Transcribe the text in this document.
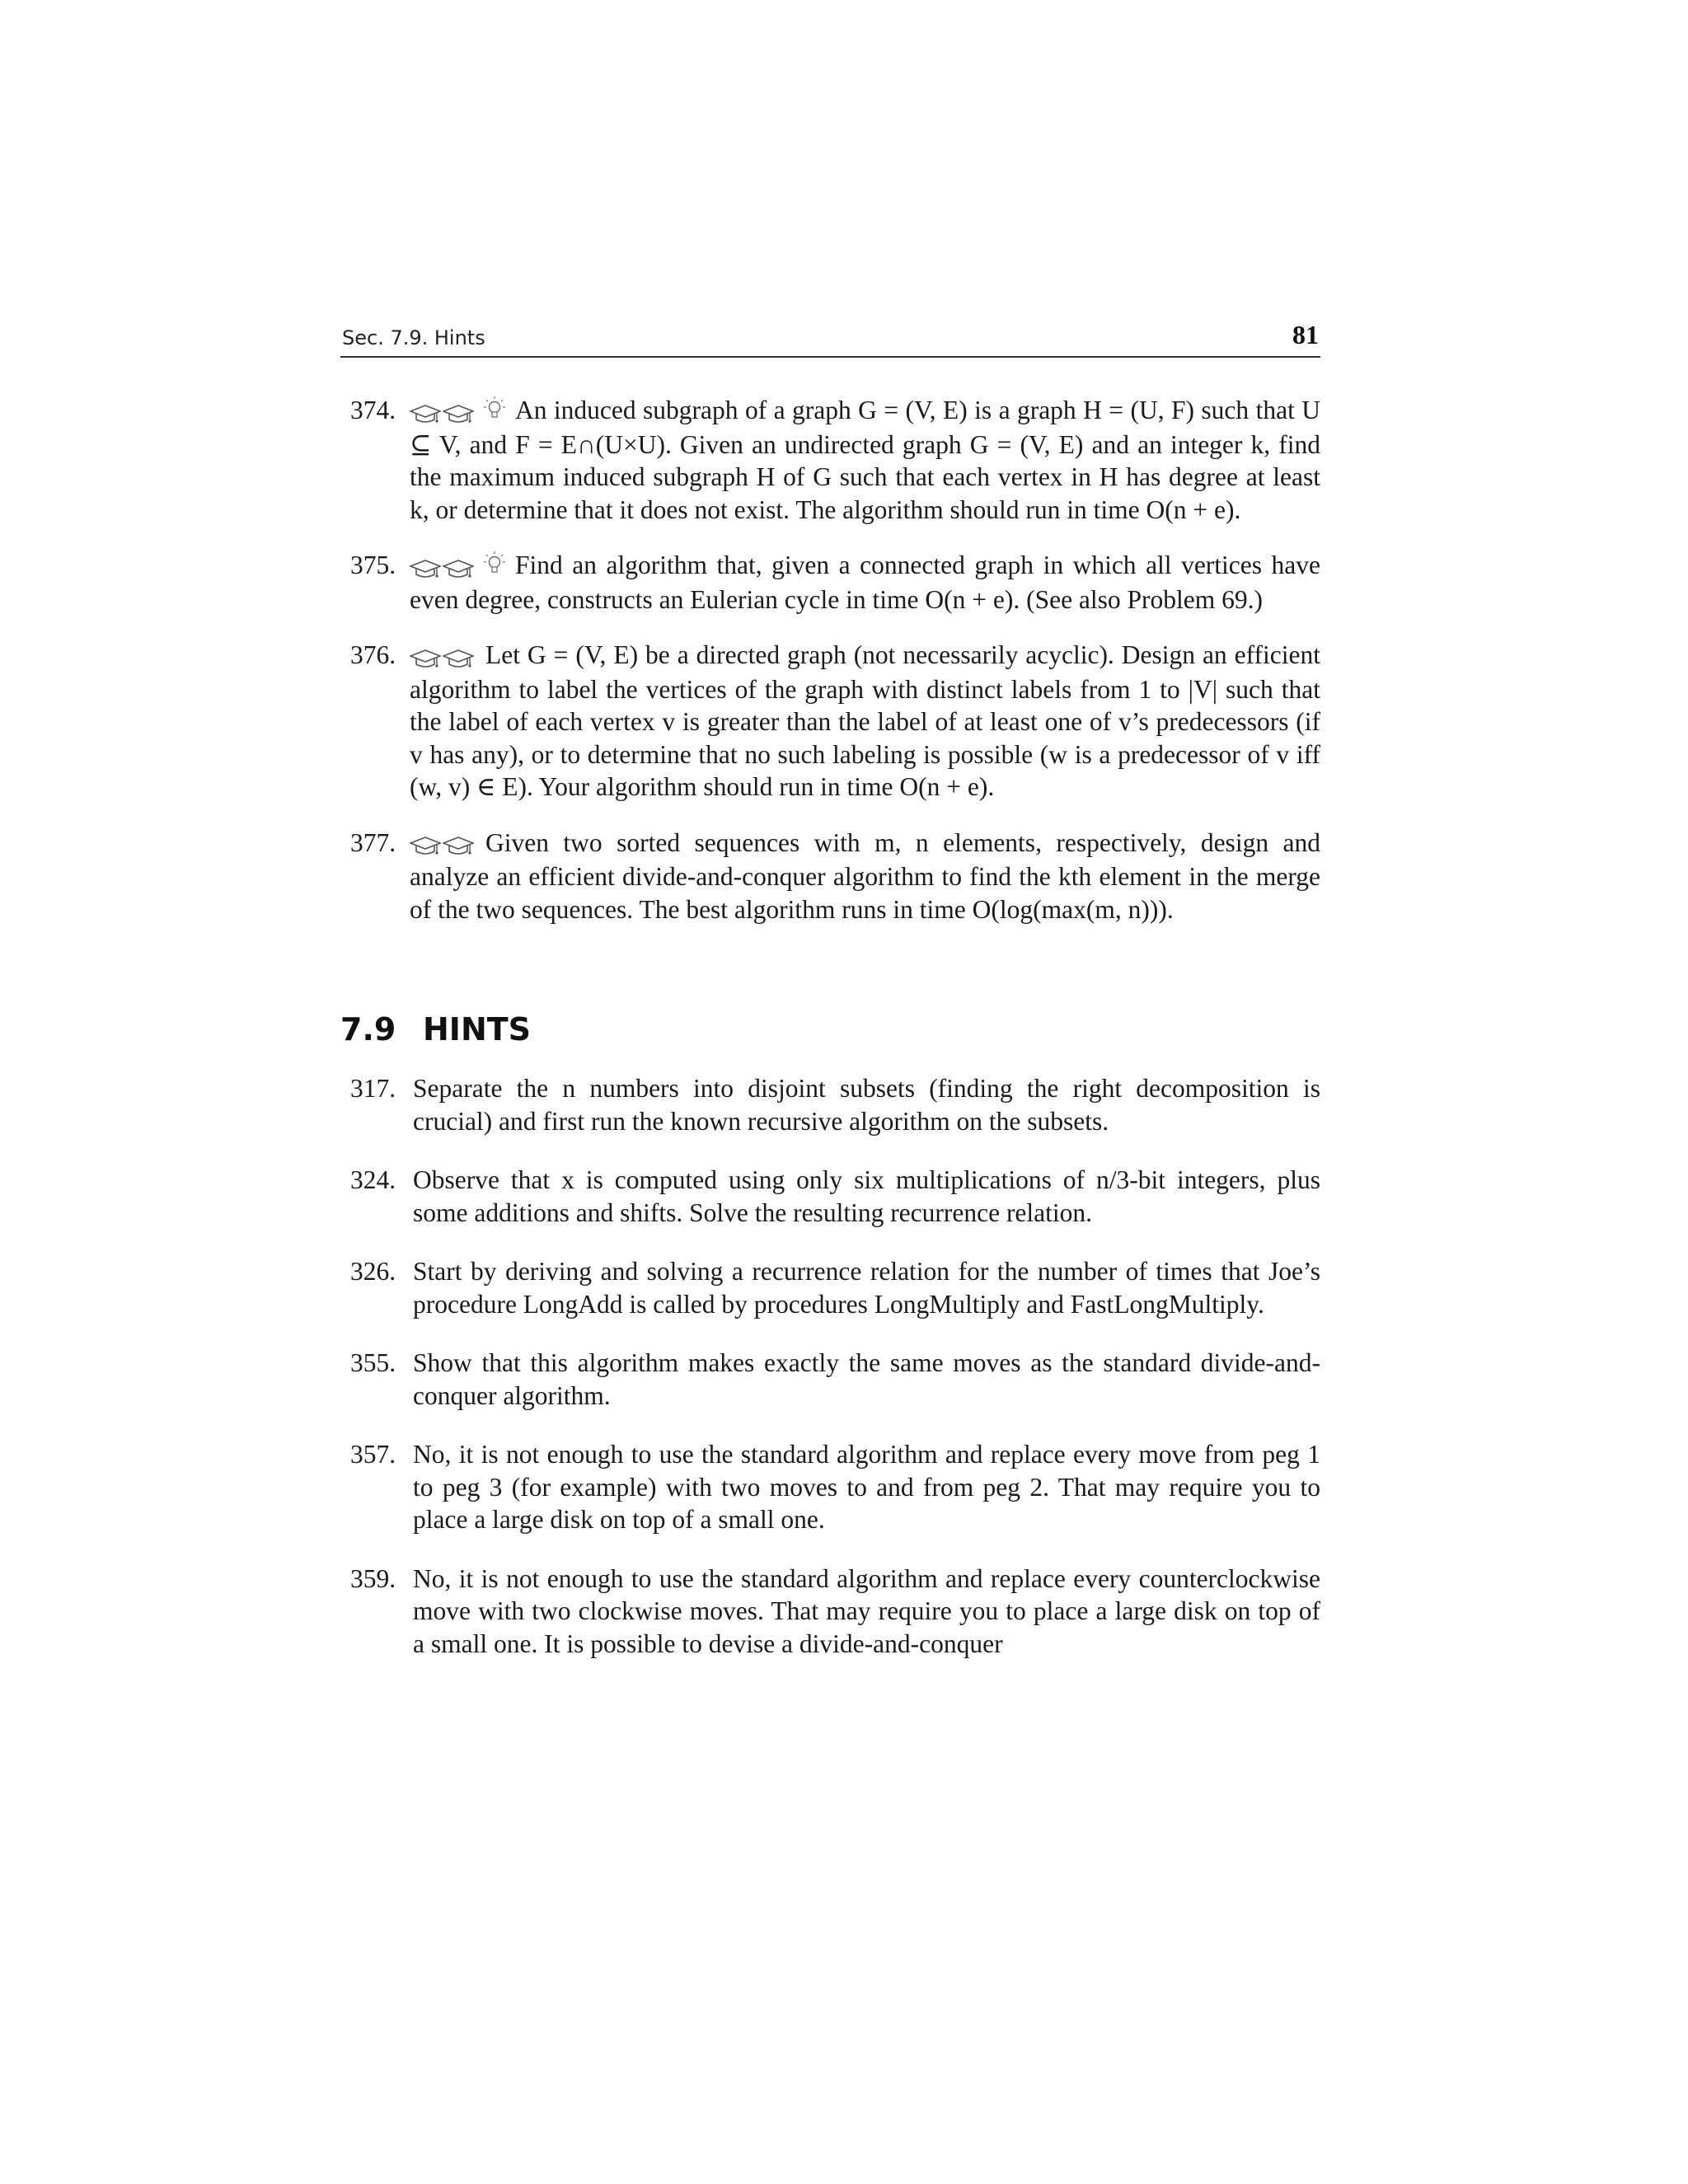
Sec. 7.9. Hints	81
374.	An induced subgraph of a graph G = (V, E) is a graph H = (U, F) such that U ⊆ V, and F = E∩(U×U). Given an undirected graph G = (V, E) and an integer k, find the maximum induced subgraph H of G such that each vertex in H has degree at least k, or determine that it does not exist. The algorithm should run in time O(n + e).
375.	Find an algorithm that, given a connected graph in which all vertices have even degree, constructs an Eulerian cycle in time O(n + e). (See also Problem 69.)
376.	Let G = (V, E) be a directed graph (not necessarily acyclic). Design an efficient algorithm to label the vertices of the graph with distinct labels from 1 to |V| such that the label of each vertex v is greater than the label of at least one of v’s predecessors (if v has any), or to determine that no such labeling is possible (w is a predecessor of v iff (w, v) ∈ E). Your algorithm should run in time O(n + e).
377.	Given two sorted sequences with m, n elements, respectively, design and analyze an efficient divide-and-conquer algorithm to find the kth element in the merge of the two sequences. The best algorithm runs in time O(log(max(m, n))).
7.9 HINTS
317. Separate the n numbers into disjoint subsets (finding the right decomposition is crucial) and first run the known recursive algorithm on the subsets.
324. Observe that x is computed using only six multiplications of n/3-bit integers, plus some additions and shifts. Solve the resulting recurrence relation.
326. Start by deriving and solving a recurrence relation for the number of times that Joe’s procedure LongAdd is called by procedures LongMultiply and FastLongMultiply.
355. Show that this algorithm makes exactly the same moves as the standard divide-and-conquer algorithm.
357. No, it is not enough to use the standard algorithm and replace every move from peg 1 to peg 3 (for example) with two moves to and from peg 2. That may require you to place a large disk on top of a small one.
359. No, it is not enough to use the standard algorithm and replace every counterclockwise move with two clockwise moves. That may require you to place a large disk on top of a small one. It is possible to devise a divide-and-conquer
